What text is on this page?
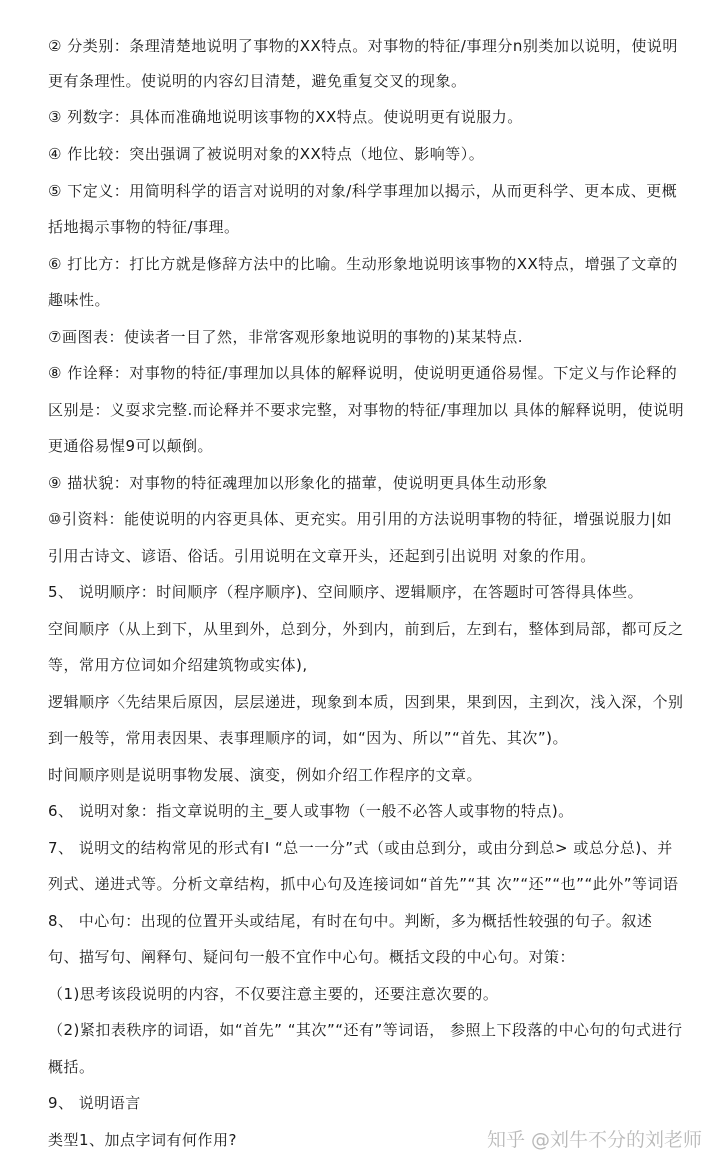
② 分类别：条理清楚地说明了事物的XX特点。对事物的特征/事理分n别类加以说明，使说明
更有条理性。使说明的内容幻目清楚，避免重复交叉的现象。
③ 列数字：具体而准确地说明该事物的XX特点。使说明更有说服力。
④ 作比较：突出强调了被说明对象的XX特点（地位、影响等）。
⑤ 下定义：用简明科学的语言对说明的对象/科学事理加以揭示，从而更科学、更本成、更概
括地揭示事物的特征/事理。
⑥ 打比方：打比方就是修辞方法中的比喻。生动形象地说明该事物的XX特点，增强了文章的
趣味性。
⑦画图表：使读者一目了然，非常客观形象地说明的事物的)某某特点.
⑧ 作诠释：对事物的特征/事理加以具体的解释说明，使说明更通俗易惺。下定义与作论释的
区别是：义耍求完整.而论释并不要求完整，对事物的特征/事理加以 具体的解释说明，使说明
更通俗易惺9可以颠倒。
⑨ 描状貌：对事物的特征魂理加以形象化的描葷，使说明更具体生动形象
⑩引资料：能使说明的内容更具体、更充实。用引用的方法说明事物的特征，增强说服力|如
引用古诗文、谚语、俗话。引用说明在文章开头，还起到引出说明 对象的作用。
5、 说明顺序：时间顺序（程序顺序)、空间顺序、逻辑顺序，在答题时可答得具体些。
空间顺序（从上到下，从里到外，总到分，外到内，前到后，左到右，整体到局部，都可反之
等，常用方位词如介绍建筑物或实体),
逻辑顺序〈先结果后原因，层层递进，现象到本质，因到果，果到因，主到次，浅入深，个别
到一般等，常用表因果、表事理顺序的词，如“因为、所以”“首先、其次”)。
时间顺序则是说明事物发展、演变，例如介绍工作程序的文章。
6、 说明对象：指文章说明的主_要人或事物（一般不必答人或事物的特点)。
7、 说明文的结构常见的形式有I “总一一分”式（或由总到分，或由分到总> 或总分总)、并
列式、递进式等。分析文章结构，抓中心句及连接词如“首先”“其 次”“还”“也”“此外”等词语
8、 中心句：出现的位置开头或结尾，有时在句中。判断，多为概括性较强的句子。叙述
句、描写句、阐释句、疑问句一般不宜作中心句。概括文段的中心句。对策：
（1)思考该段说明的内容，不仅要注意主要的，还要注意次要的。
（2)紧扣表秩序的词语，如“首先” “其次”“还有”等词语， 参照上下段落的中心句的句式进行
概括。
9、 说明语言
类型1、加点字词有何作用?	知乎 @刘牛不分的刘老师
